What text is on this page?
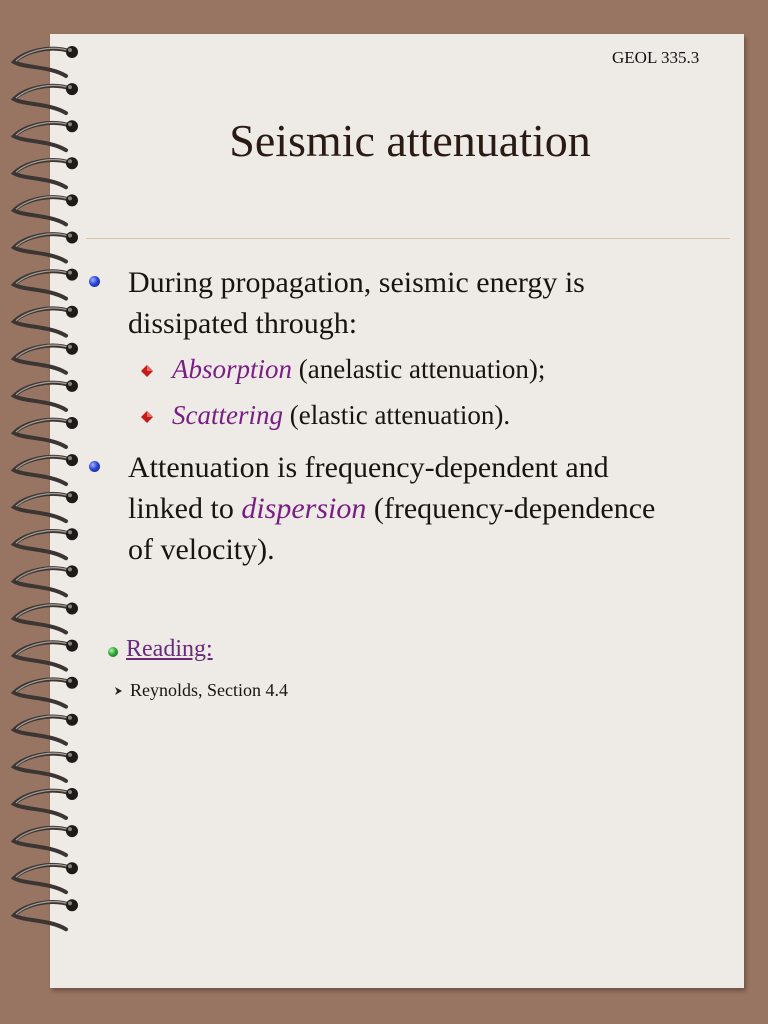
GEOL 335.3
Seismic attenuation
During propagation, seismic energy is
dissipated through:
Absorption (anelastic attenuation);
Scattering (elastic attenuation).
Attenuation is frequency-dependent and
linked to dispersion (frequency-dependence
of velocity).
Reading:
Reynolds, Section 4.4
